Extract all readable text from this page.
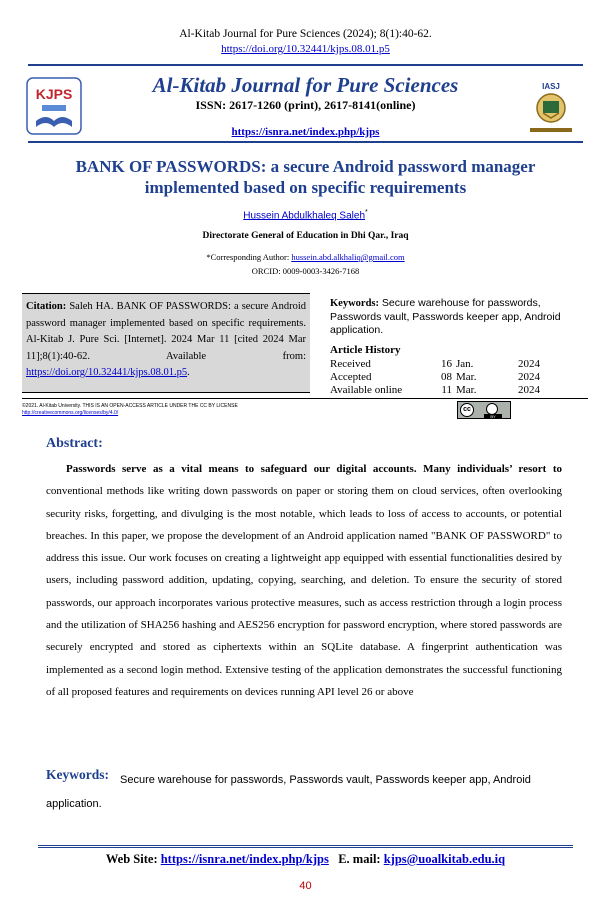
Al-Kitab Journal for Pure Sciences (2024); 8(1):40-62.
https://doi.org/10.32441/kjps.08.01.p5
KJPS	Al-Kitab Journal for Pure Sciences
ISSN: 2617-1260 (print), 2617-8141(online)
https://isnra.net/index.php/kjps
IASJ
BANK OF PASSWORDS: a secure Android password manager implemented based on specific requirements
Hussein Abdulkhaleq Saleh*
Directorate General of Education in Dhi Qar., Iraq
*Corresponding Author: hussein.abd.alkhaliq@gmail.com
ORCID: 0009-0003-3426-7168
Citation: Saleh HA. BANK OF PASSWORDS: a secure Android password manager implemented based on specific requirements. Al-Kitab J. Pure Sci. [Internet]. 2024 Mar 11 [cited 2024 Mar 11];8(1):40-62. Available from: https://doi.org/10.32441/kjps.08.01.p5.
Keywords: Secure warehouse for passwords, Passwords vault, Passwords keeper app, Android application.
Article History
Received	16 Jan.	2024
Accepted	08 Mar.	2024
Available online	11 Mar.	2024
©2021. Al-Kitab University. THIS IS AN OPEN-ACCESS ARTICLE UNDER THE CC BY LICENSE
http://creativecommons.org/licenses/by/4.0/	cc
BY
Abstract:
Passwords serve as a vital means to safeguard our digital accounts. Many individuals’ resort to conventional methods like writing down passwords on paper or storing them on cloud services, often overlooking security risks, forgetting, and divulging is the most notable, which leads to loss of access to accounts, or potential breaches. In this paper, we propose the development of an Android application named "BANK OF PASSWORD" to address this issue. Our work focuses on creating a lightweight app equipped with essential functionalities desired by users, including password addition, updating, copying, searching, and deletion. To ensure the security of stored passwords, our approach incorporates various protective measures, such as access restriction through a login process and the utilization of SHA256 hashing and AES256 encryption for password encryption, where stored passwords are securely encrypted and stored as ciphertexts within an SQLite database. A fingerprint authentication was implemented as a second login method. Extensive testing of the application demonstrates the successful functioning of all proposed features and requirements on devices running API level 26 or above
Secure warehouse for passwords, Passwords vault, Passwords keeper app, Android application.
Keywords:
Web Site: https://isnra.net/index.php/kjps E. mail: kjps@uoalkitab.edu.iq
40
